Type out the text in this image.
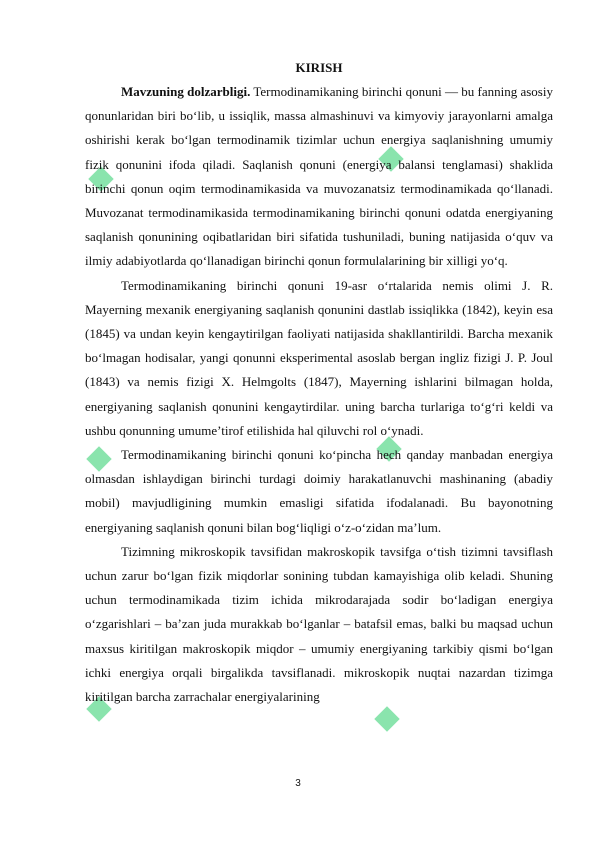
KIRISH

Mavzuning dolzarbligi. Termodinamikaning birinchi qonuni — bu fanning asosiy qonunlaridan biri bo‘lib, u issiqlik, massa almashinuvi va kimyoviy jarayonlarni amalga oshirishi kerak bo‘lgan termodinamik tizimlar uchun energiya saqlanishning umumiy fizik qonunini ifoda qiladi. Saqlanish qonuni (energiya balansi tenglamasi) shaklida birinchi qonun oqim termodinamikasida va muvozanatsiz termodinamikada qo‘llanadi. Muvozanat termodinamikasida termodinamikaning birinchi qonuni odatda energiyaning saqlanish qonunining oqibatlaridan biri sifatida tushuniladi, buning natijasida o‘quv va ilmiy adabiyotlarda qo‘llanadigan birinchi qonun formulalarining bir xilligi yo‘q.

Termodinamikaning birinchi qonuni 19-asr o‘rtalarida nemis olimi J. R. Mayerning mexanik energiyaning saqlanish qonunini dastlab issiqlikka (1842), keyin esa (1845) va undan keyin kengaytirilgan faoliyati natijasida shakllantirildi. Barcha mexanik bo‘lmagan hodisalar, yangi qonunni eksperimental asoslab bergan ingliz fizigi J. P. Joul (1843) va nemis fizigi X. Helmgolts (1847), Mayerning ishlarini bilmagan holda, energiyaning saqlanish qonunini kengaytirdilar. uning barcha turlariga to‘g‘ri keldi va ushbu qonunning umume’tirof etilishida hal qiluvchi rol o‘ynadi.

Termodinamikaning birinchi qonuni ko‘pincha hech qanday manbadan energiya olmasdan ishlaydigan birinchi turdagi doimiy harakatlanuvchi mashinaning (abadiy mobil) mavjudligining mumkin emasligi sifatida ifodalanadi. Bu bayonotning energiyaning saqlanish qonuni bilan bog‘liqligi o‘z-o‘zidan ma’lum.

Tizimning mikroskopik tavsifidan makroskopik tavsifga o‘tish tizimni tavsiflash uchun zarur bo‘lgan fizik miqdorlar sonining tubdan kamayishiga olib keladi. Shuning uchun termodinamikada tizim ichida mikrodarajada sodir bo‘ladigan energiya o‘zgarishlari – ba’zan juda murakkab bo‘lganlar – batafsil emas, balki bu maqsad uchun maxsus kiritilgan makroskopik miqdor – umumiy energiyaning tarkibiy qismi bo‘lgan ichki energiya orqali birgalikda tavsiflanadi. mikroskopik nuqtai nazardan tizimga kiritilgan barcha zarrachalar energiyalarining

3
